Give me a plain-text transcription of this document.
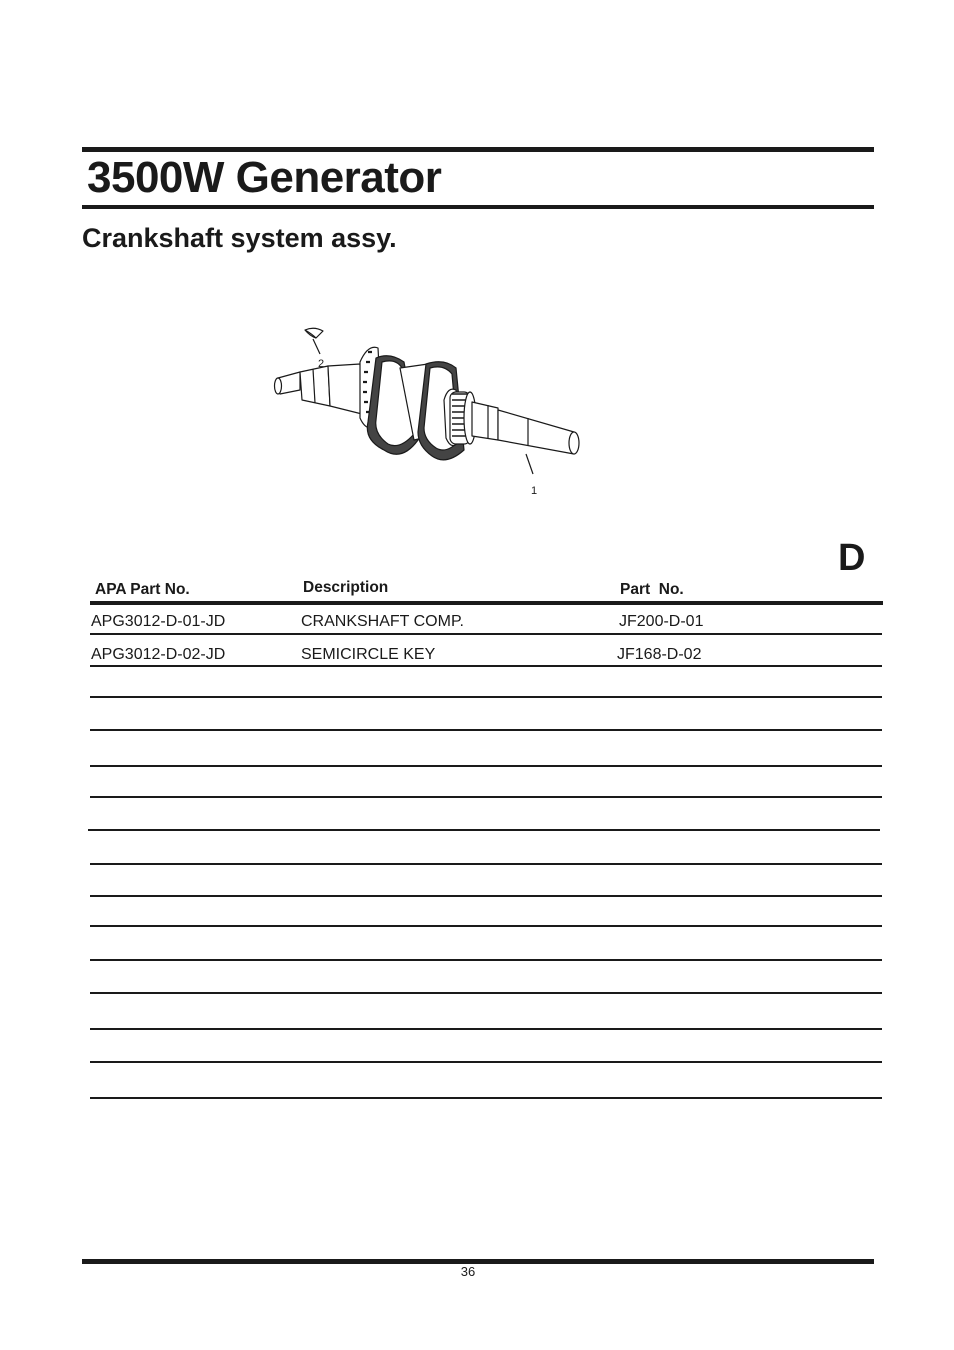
3500W Generator
Crankshaft system assy.
2
1
D
APA Part No.	Description	Part  No.
APG3012-D-01-JD	CRANKSHAFT COMP.	JF200-D-01
APG3012-D-02-JD	SEMICIRCLE KEY	JF168-D-02
36
